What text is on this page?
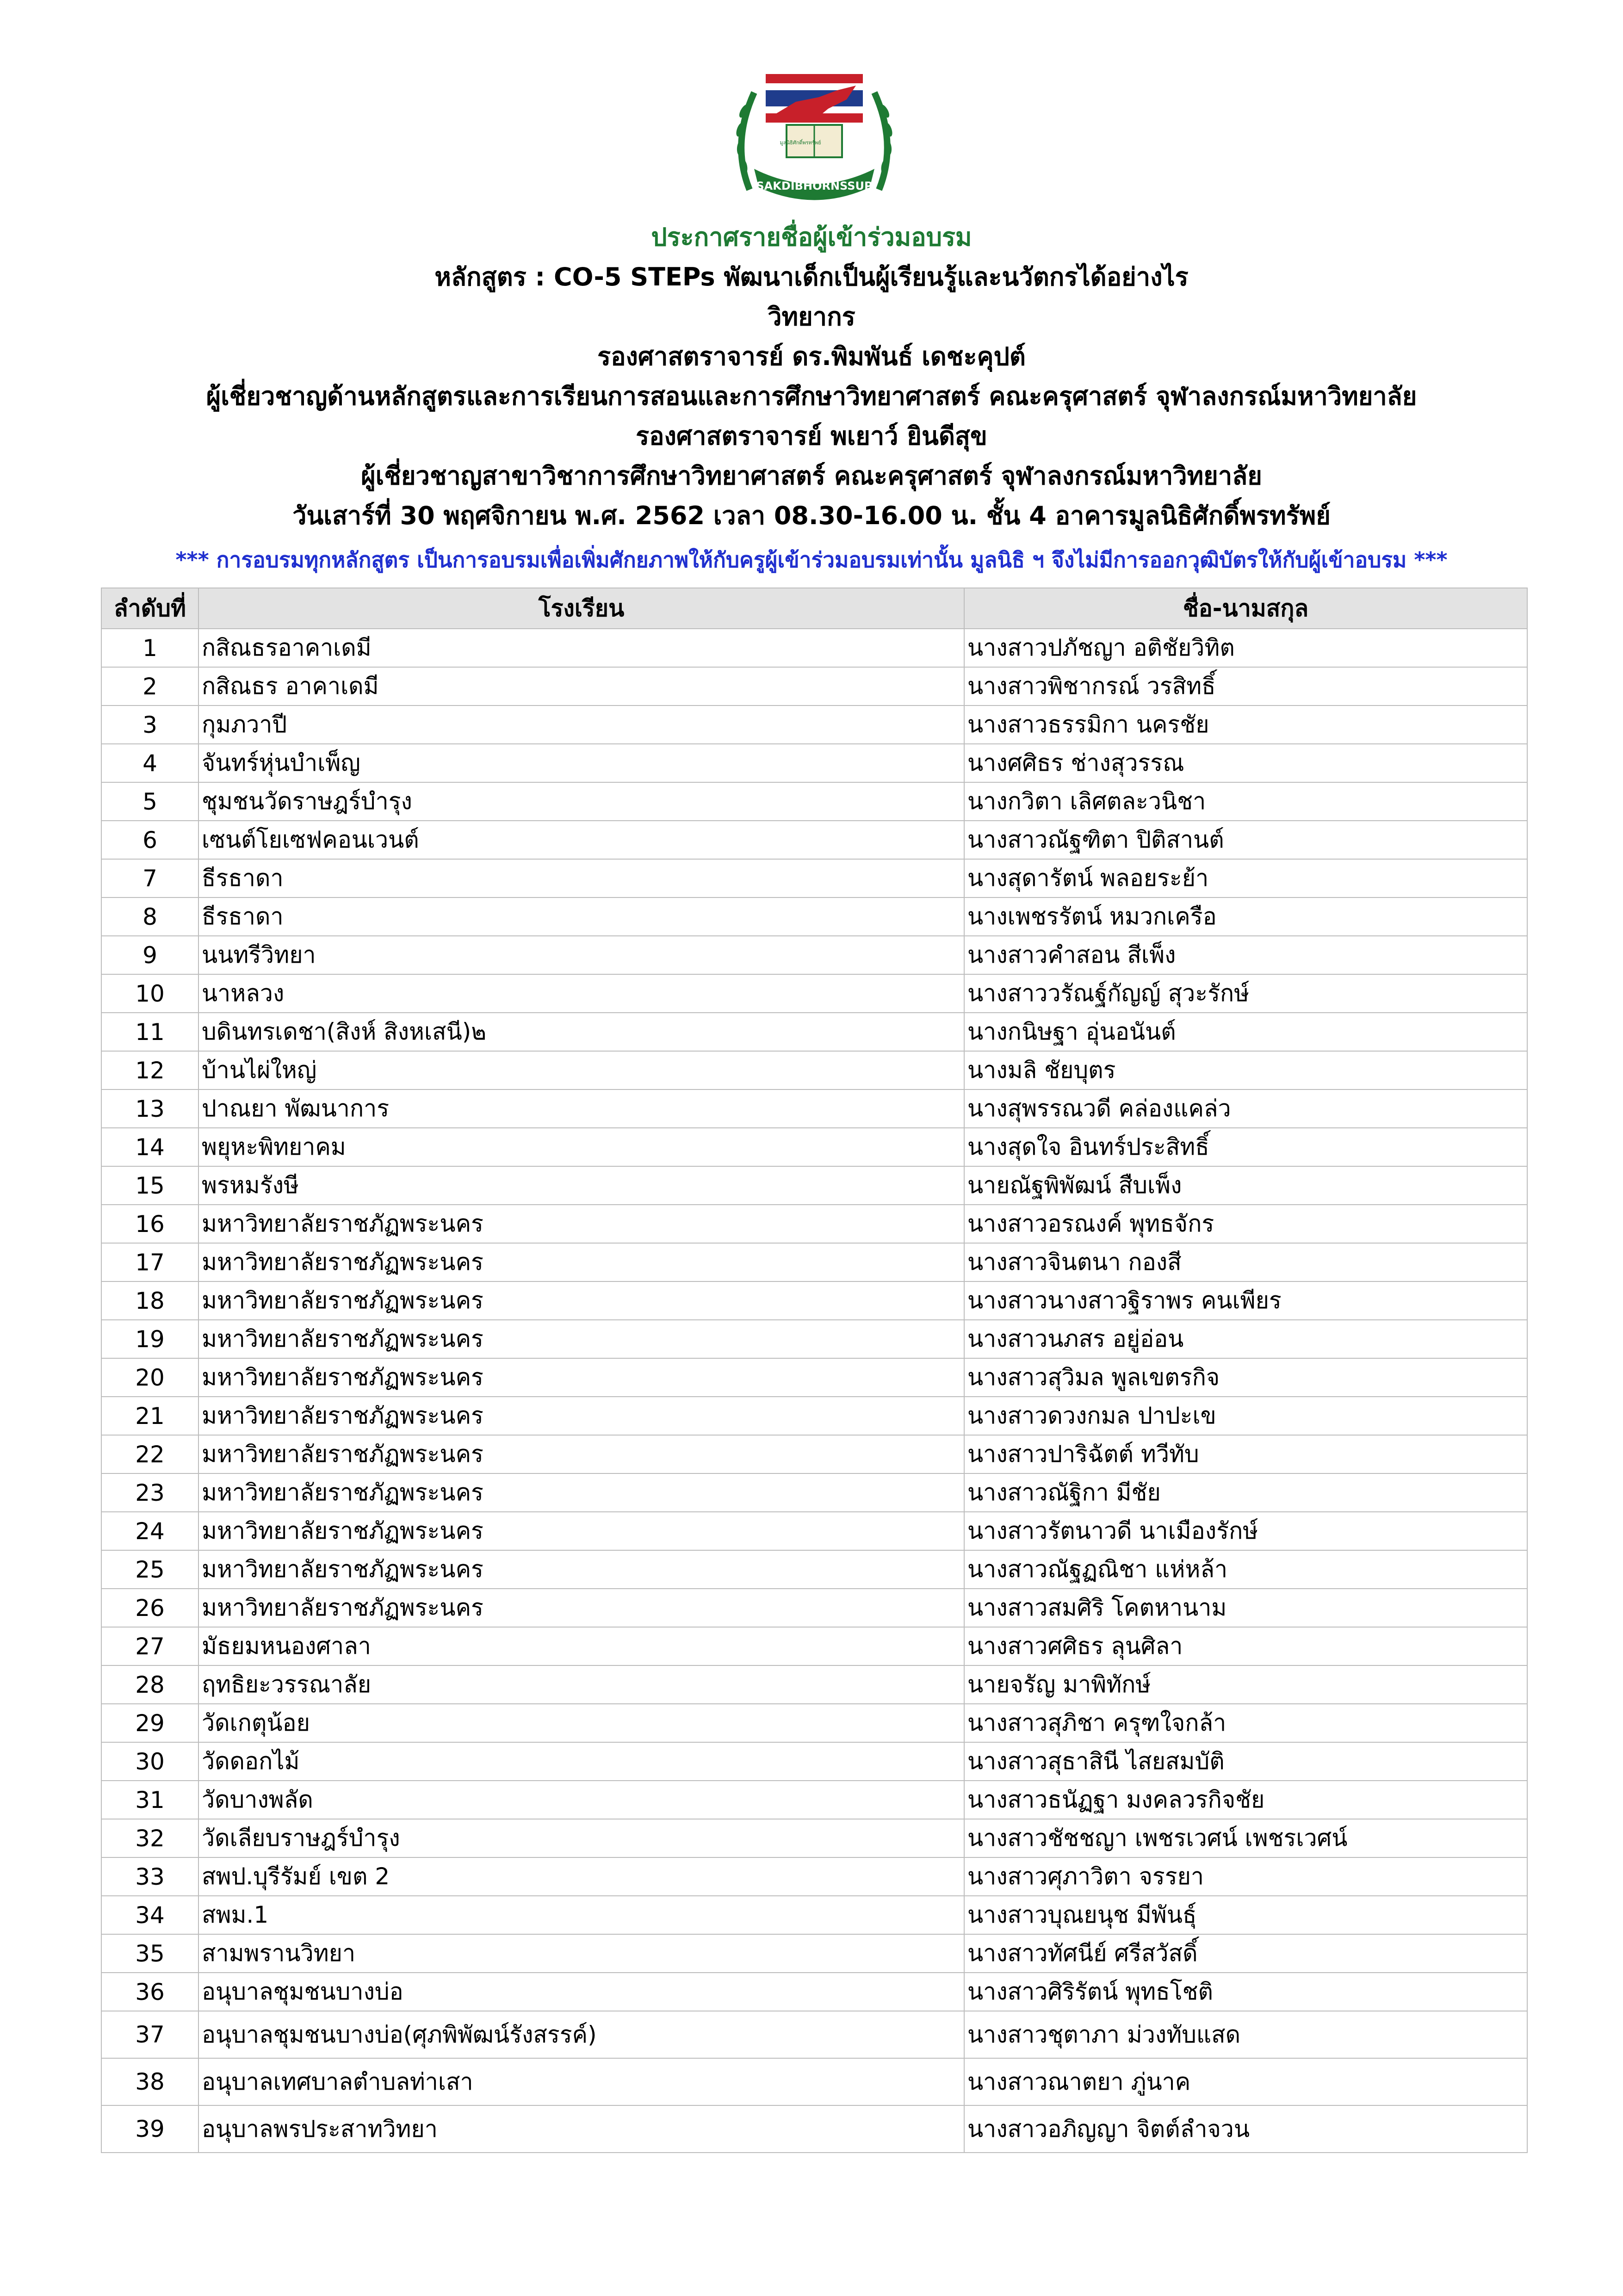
มูลนิธิศักดิ์พรทรัพย์
SAKDIBHORNSSUP
ประกาศรายชื่อผู้เข้าร่วมอบรม
หลักสูตร : CO-5 STEPs พัฒนาเด็กเป็นผู้เรียนรู้และนวัตกรได้อย่างไร
วิทยากร
รองศาสตราจารย์ ดร.พิมพันธ์ เดชะคุปต์
ผู้เชี่ยวชาญด้านหลักสูตรและการเรียนการสอนและการศึกษาวิทยาศาสตร์ คณะครุศาสตร์ จุฬาลงกรณ์มหาวิทยาลัย
รองศาสตราจารย์ พเยาว์ ยินดีสุข
ผู้เชี่ยวชาญสาขาวิชาการศึกษาวิทยาศาสตร์ คณะครุศาสตร์ จุฬาลงกรณ์มหาวิทยาลัย
วันเสาร์ที่ 30 พฤศจิกายน พ.ศ. 2562 เวลา 08.30-16.00 น. ชั้น 4 อาคารมูลนิธิศักดิ์พรทรัพย์
*** การอบรมทุกหลักสูตร เป็นการอบรมเพื่อเพิ่มศักยภาพให้กับครูผู้เข้าร่วมอบรมเท่านั้น มูลนิธิ ฯ จึงไม่มีการออกวุฒิบัตรให้กับผู้เข้าอบรม ***
ลำดับที่	โรงเรียน	ชื่อ-นามสกุล
1	กสิณธรอาคาเดมี	นางสาวปภัชญา อติชัยวิทิต
2	กสิณธร อาคาเดมี	นางสาวพิชากรณ์ วรสิทธิ์
3	กุมภวาปี	นางสาวธรรมิกา นครชัย
4	จันทร์หุ่นบำเพ็ญ	นางศศิธร ช่างสุวรรณ
5	ชุมชนวัดราษฎร์บำรุง	นางกวิตา เลิศตละวนิชา
6	เซนต์โยเซฟคอนเวนต์	นางสาวณัฐฑิตา ปิติสานต์
7	ธีรธาดา	นางสุดารัตน์ พลอยระย้า
8	ธีรธาดา	นางเพชรรัตน์ หมวกเครือ
9	นนทรีวิทยา	นางสาวคำสอน สีเพ็ง
10	นาหลวง	นางสาววรัณฐ์กัญญ์ สุวะรักษ์
11	บดินทรเดชา(สิงห์ สิงหเสนี)๒	นางกนิษฐา อุ่นอนันต์
12	บ้านไผ่ใหญ่	นางมลิ ชัยบุตร
13	ปาณยา พัฒนาการ	นางสุพรรณวดี คล่องแคล่ว
14	พยุหะพิทยาคม	นางสุดใจ อินทร์ประสิทธิ์
15	พรหมรังษี	นายณัฐพิพัฒน์ สืบเพ็ง
16	มหาวิทยาลัยราชภัฏพระนคร	นางสาวอรณงค์ พุทธจักร
17	มหาวิทยาลัยราชภัฏพระนคร	นางสาวจินตนา กองสี
18	มหาวิทยาลัยราชภัฏพระนคร	นางสาวนางสาวฐิราพร คนเพียร
19	มหาวิทยาลัยราชภัฏพระนคร	นางสาวนภสร อยู่อ่อน
20	มหาวิทยาลัยราชภัฏพระนคร	นางสาวสุวิมล พูลเขตรกิจ
21	มหาวิทยาลัยราชภัฏพระนคร	นางสาวดวงกมล ปาปะเข
22	มหาวิทยาลัยราชภัฏพระนคร	นางสาวปาริฉัตต์ ทวีทับ
23	มหาวิทยาลัยราชภัฏพระนคร	นางสาวณัฐิกา มีชัย
24	มหาวิทยาลัยราชภัฏพระนคร	นางสาวรัตนาวดี นาเมืองรักษ์
25	มหาวิทยาลัยราชภัฏพระนคร	นางสาวณัฐฏณิชา แห่หล้า
26	มหาวิทยาลัยราชภัฏพระนคร	นางสาวสมศิริ โคตหานาม
27	มัธยมหนองศาลา	นางสาวศศิธร ลุนศิลา
28	ฤทธิยะวรรณาลัย	นายจรัญ มาพิทักษ์
29	วัดเกตุน้อย	นางสาวสุภิชา ครุฑใจกล้า
30	วัดดอกไม้	นางสาวสุธาสินี ไสยสมบัติ
31	วัดบางพลัด	นางสาวธนัฏฐา มงคลวรกิจชัย
32	วัดเลียบราษฎร์บำรุง	นางสาวชัชชญา เพชรเวศน์ เพชรเวศน์
33	สพป.บุรีรัมย์ เขต 2	นางสาวศุภาวิตา จรรยา
34	สพม.1	นางสาวบุณยนุช มีพันธุ์
35	สามพรานวิทยา	นางสาวทัศนีย์ ศรีสวัสดิ์
36	อนุบาลชุมชนบางบ่อ	นางสาวศิริรัตน์ พุทธโชติ
37	อนุบาลชุมชนบางบ่อ(ศุภพิพัฒน์รังสรรค์)	นางสาวชุตาภา ม่วงทับแสด
38	อนุบาลเทศบาลตำบลท่าเสา	นางสาวณาตยา ภู่นาค
39	อนุบาลพรประสาทวิทยา	นางสาวอภิญญา จิตต์ลำจวน
